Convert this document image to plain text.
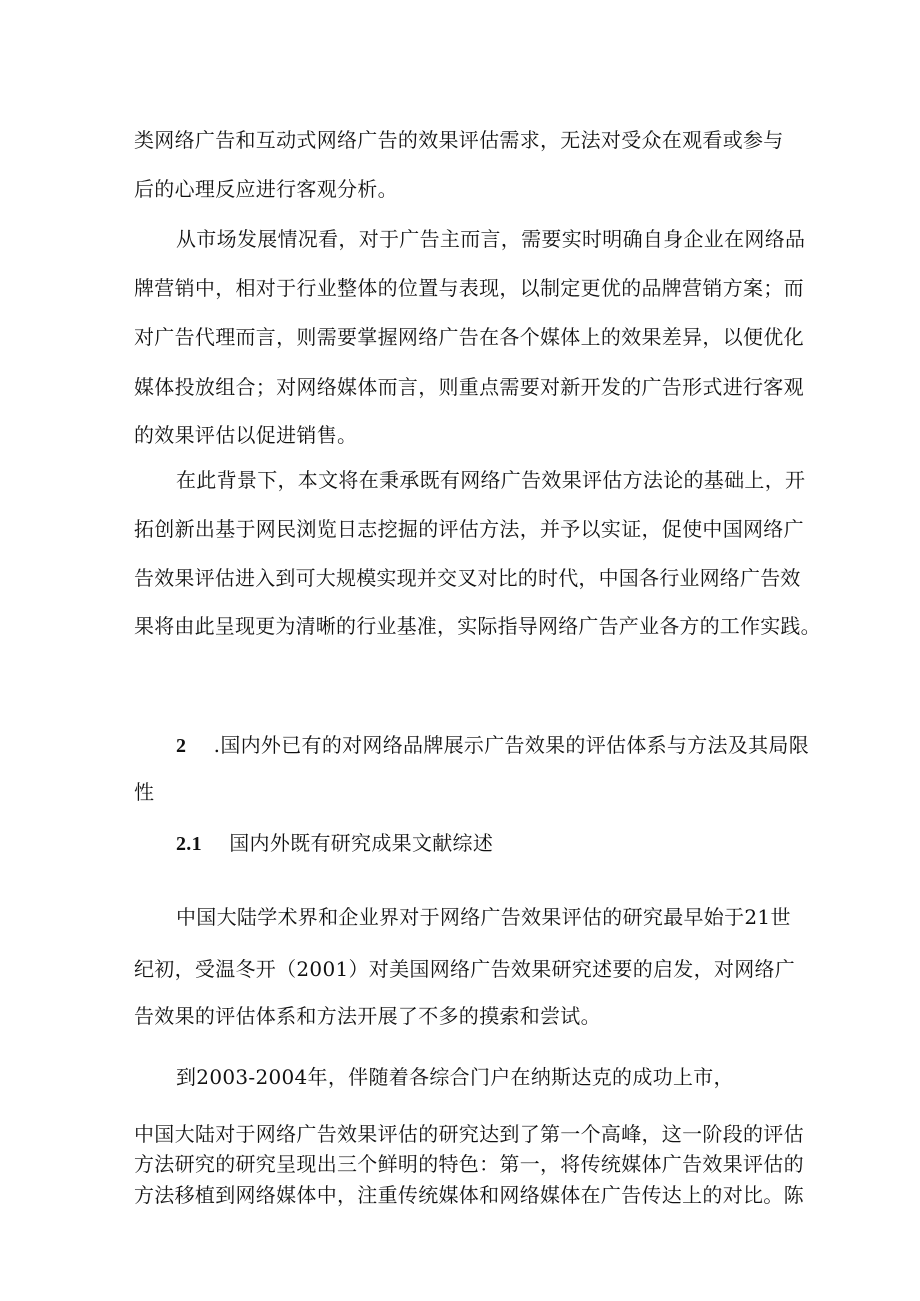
类网络广告和互动式网络广告的效果评估需求，无法对受众在观看或参与
后的心理反应进行客观分析。
从市场发展情况看，对于广告主而言，需要实时明确自身企业在网络品
牌营销中，相对于行业整体的位置与表现，以制定更优的品牌营销方案；而
对广告代理而言，则需要掌握网络广告在各个媒体上的效果差异，以便优化
媒体投放组合；对网络媒体而言，则重点需要对新开发的广告形式进行客观
的效果评估以促进销售。
在此背景下，本文将在秉承既有网络广告效果评估方法论的基础上，开
拓创新出基于网民浏览日志挖掘的评估方法，并予以实证，促使中国网络广
告效果评估进入到可大规模实现并交叉对比的时代，中国各行业网络广告效
果将由此呈现更为清晰的行业基准，实际指导网络广告产业各方的工作实践。
2 .国内外已有的对网络品牌展示广告效果的评估体系与方法及其局限
性
2.1 国内外既有研究成果文献综述
中国大陆学术界和企业界对于网络广告效果评估的研究最早始于21世
纪初，受温冬开（2001）对美国网络广告效果研究述要的启发，对网络广
告效果的评估体系和方法开展了不多的摸索和尝试。
到2003-2004年，伴随着各综合门户在纳斯达克的成功上市，
中国大陆对于网络广告效果评估的研究达到了第一个高峰，这一阶段的评估
方法研究的研究呈现出三个鲜明的特色：第一，将传统媒体广告效果评估的
方法移植到网络媒体中，注重传统媒体和网络媒体在广告传达上的对比。陈
